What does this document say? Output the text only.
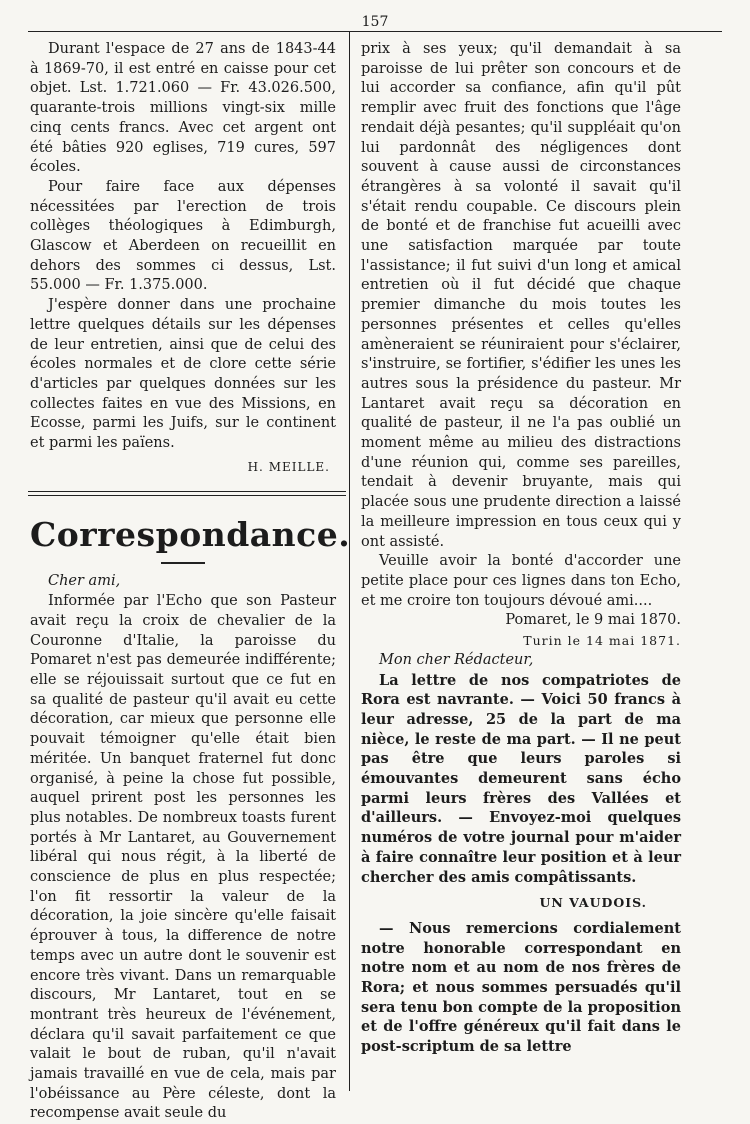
157

Durant l'espace de 27 ans de 1843-44 à 1869-70, il est entré en caisse pour cet objet. Lst. 1.721.060 — Fr. 43.026.500, quarante-trois millions vingt-six mille cinq cents francs. Avec cet argent ont été bâties 920 eglises, 719 cures, 597 écoles.

Pour faire face aux dépenses nécessitées par l'erection de trois collèges théologiques à Edimburgh, Glascow et Aberdeen on recueillit en dehors des sommes ci dessus, Lst. 55.000 — Fr. 1.375.000.

J'espère donner dans une prochaine lettre quelques détails sur les dépenses de leur entretien, ainsi que de celui des écoles normales et de clore cette série d'articles par quelques données sur les collectes faites en vue des Missions, en Ecosse, parmi les Juifs, sur le continent et parmi les païens.

H. MEILLE.
Correspondance.

Cher ami,

Informée par l'Echo que son Pasteur avait reçu la croix de chevalier de la Couronne d'Italie, la paroisse du Pomaret n'est pas demeurée indifférente; elle se réjouissait surtout que ce fut en sa qualité de pasteur qu'il avait eu cette décoration, car mieux que personne elle pouvait témoigner qu'elle était bien méritée. Un banquet fraternel fut donc organisé, à peine la chose fut possible, auquel prirent post les personnes les plus notables. De nombreux toasts furent portés à Mr Lantaret, au Gouvernement libéral qui nous régit, à la liberté de conscience de plus en plus respectée; l'on fit ressortir la valeur de la décoration, la joie sincère qu'elle faisait éprouver à tous, la difference de notre temps avec un autre dont le souvenir est encore très vivant. Dans un remarquable discours, Mr Lantaret, tout en se montrant très heureux de l'événement, déclara qu'il savait parfaitement ce que valait le bout de ruban, qu'il n'avait jamais travaillé en vue de cela, mais par l'obéissance au Père céleste, dont la recompense avait seule du

prix à ses yeux; qu'il demandait à sa paroisse de lui prêter son concours et de lui accorder sa confiance, afin qu'il pût remplir avec fruit des fonctions que l'âge rendait déjà pesantes; qu'il suppléait qu'on lui pardonnât des négligences dont souvent à cause aussi de circonstances étrangères à sa volonté il savait qu'il s'était rendu coupable. Ce discours plein de bonté et de franchise fut acueilli avec une satisfaction marquée par toute l'assistance; il fut suivi d'un long et amical entretien où il fut décidé que chaque premier dimanche du mois toutes les personnes présentes et celles qu'elles amèneraient se réuniraient pour s'éclairer, s'instruire, se fortifier, s'édifier les unes les autres sous la présidence du pasteur. Mr Lantaret avait reçu sa décoration en qualité de pasteur, il ne l'a pas oublié un moment même au milieu des distractions d'une réunion qui, comme ses pareilles, tendait à devenir bruyante, mais qui placée sous une prudente direction a laissé la meilleure impression en tous ceux qui y ont assisté.

Veuille avoir la bonté d'accorder une petite place pour ces lignes dans ton Echo, et me croire ton toujours dévoué ami....

Pomaret, le 9 mai 1870.

Turin le 14 mai 1871.

Mon cher Rédacteur,

La lettre de nos compatriotes de Rora est navrante. — Voici 50 francs à leur adresse, 25 de la part de ma nièce, le reste de ma part. — Il ne peut pas être que leurs paroles si émouvantes demeurent sans écho parmi leurs frères des Vallées et d'ailleurs. — Envoyez-moi quelques numéros de votre journal pour m'aider à faire connaître leur position et à leur chercher des amis compâtissants.

UN VAUDOIS.

— Nous remercions cordialement notre honorable correspondant en notre nom et au nom de nos frères de Rora; et nous sommes persuadés qu'il sera tenu bon compte de la proposition et de l'offre généreux qu'il fait dans le post-scriptum de sa lettre
